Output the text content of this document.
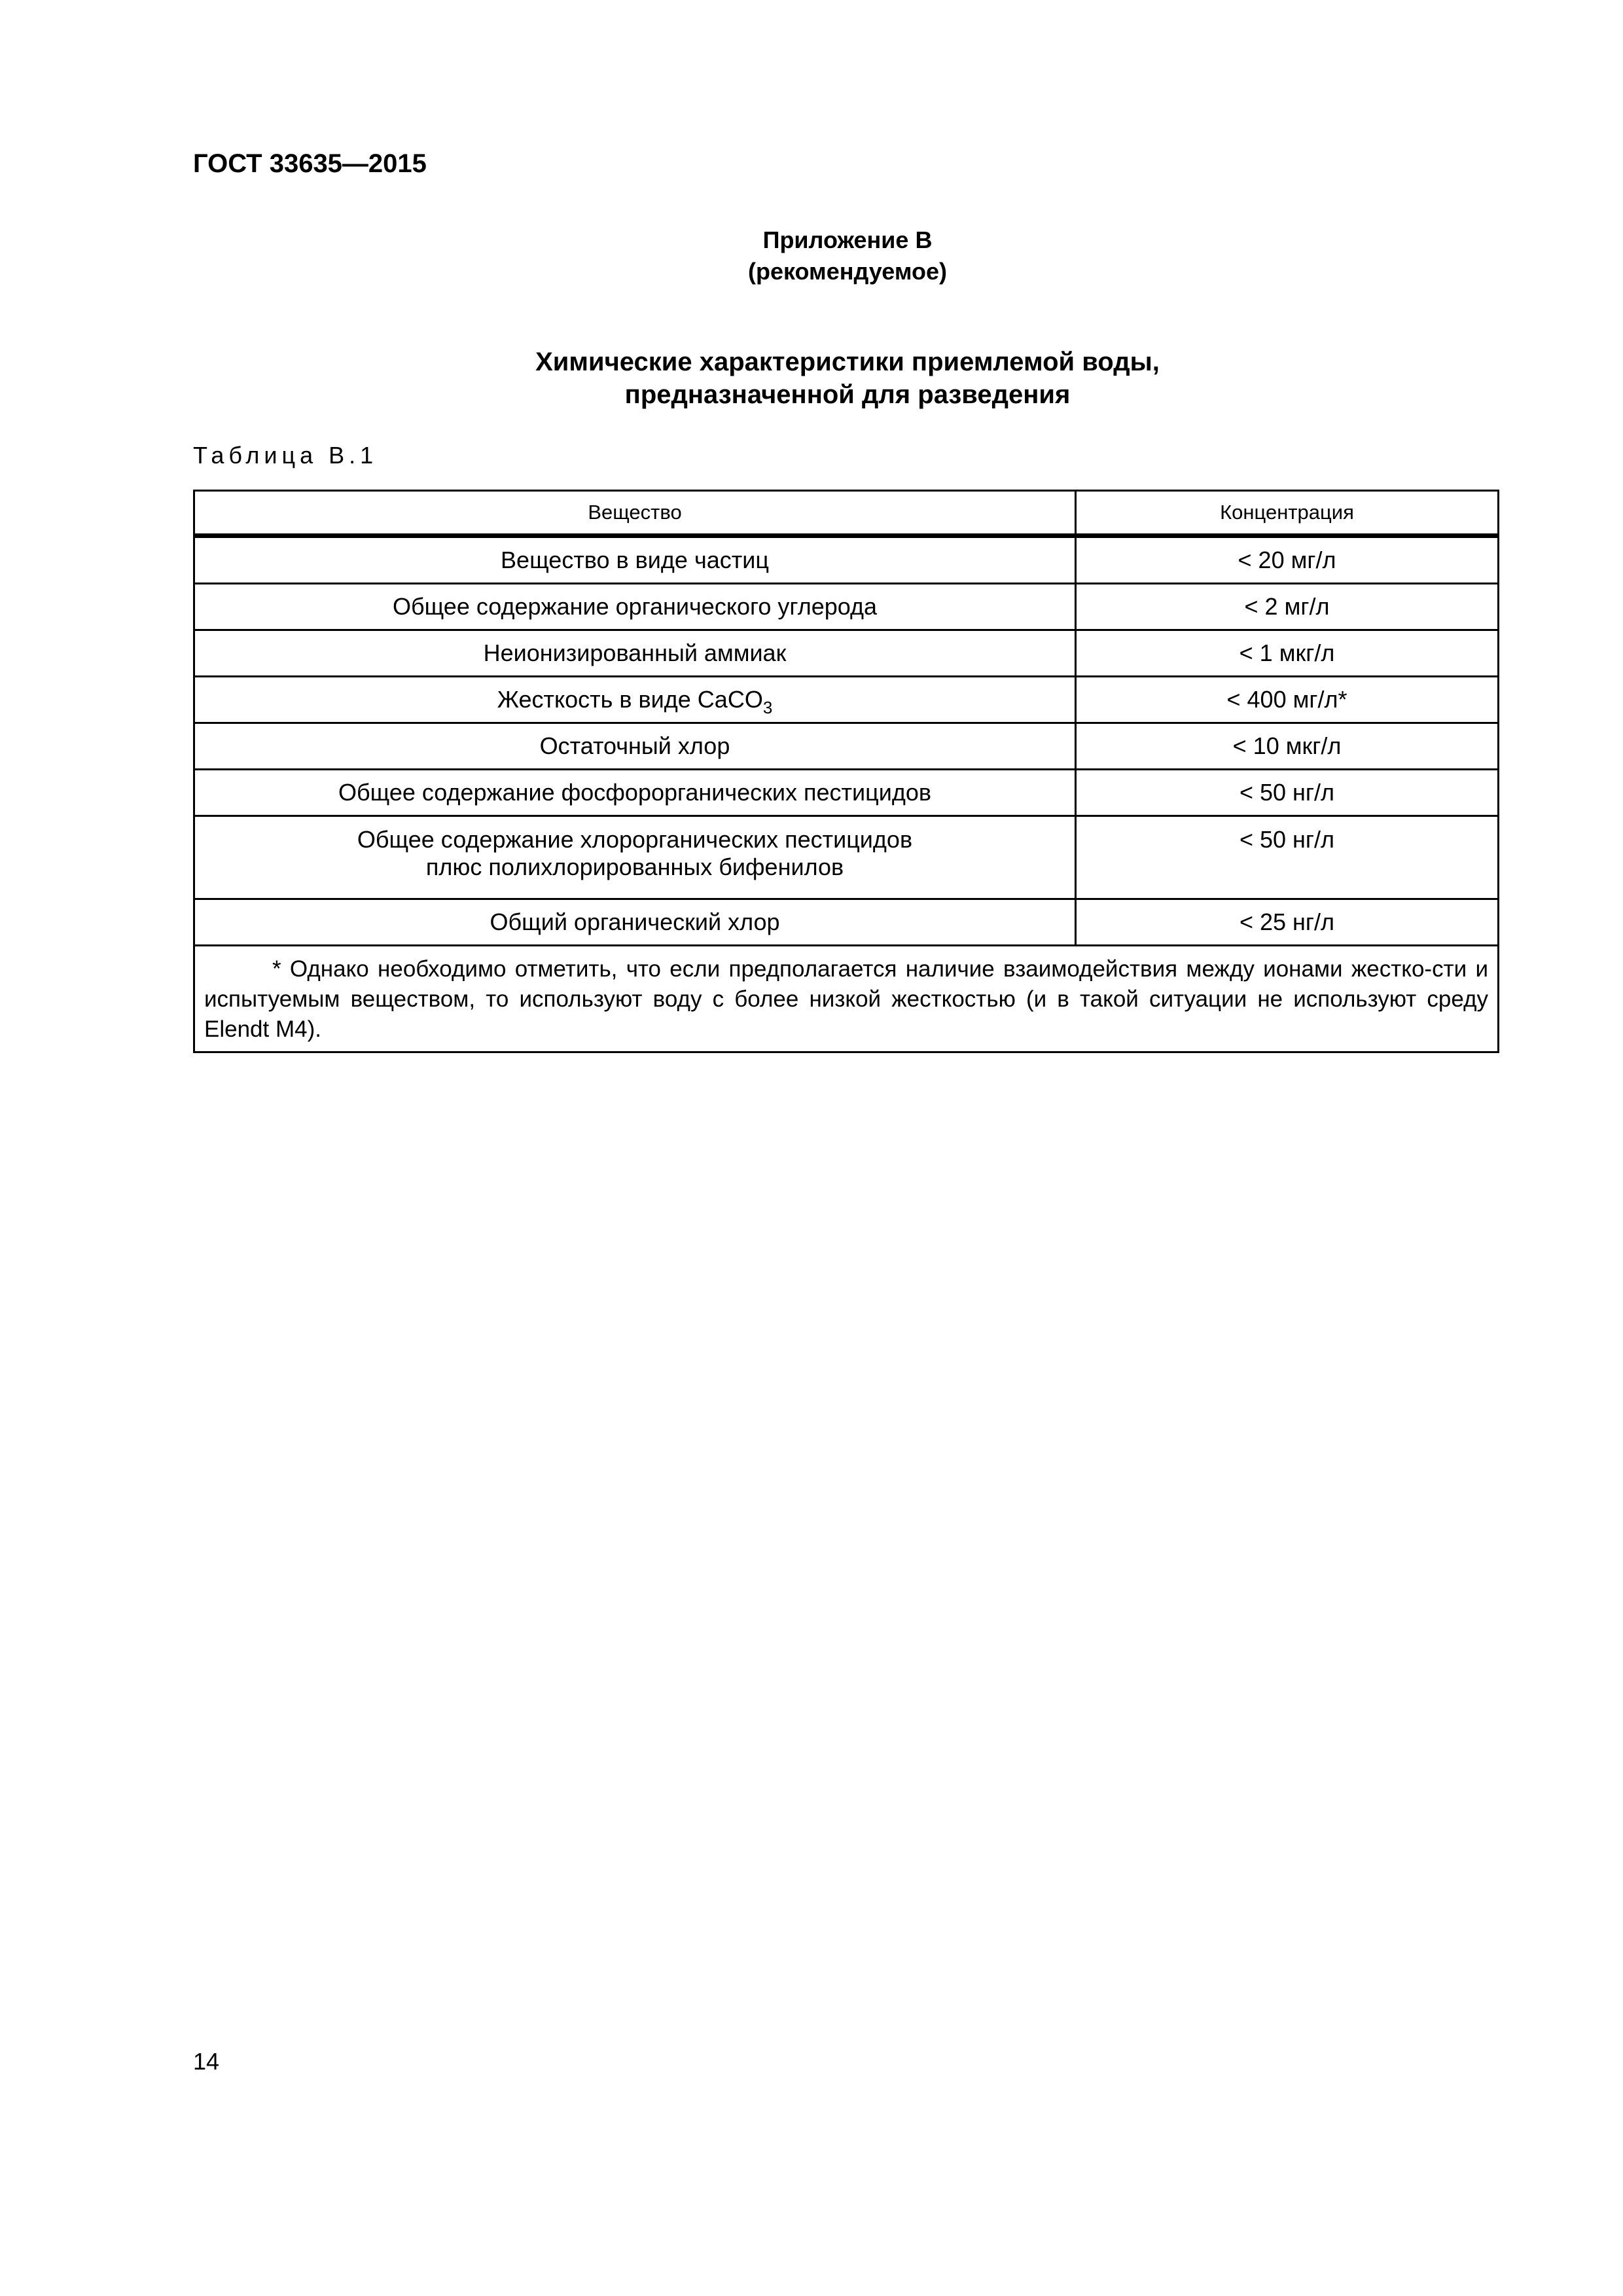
ГОСТ 33635—2015
Приложение В
(рекомендуемое)
Химические характеристики приемлемой воды,
предназначенной для разведения
Таблица В.1
Вещество	Концентрация
Вещество в виде частиц	< 20 мг/л
Общее содержание органического углерода	< 2 мг/л
Неионизированный аммиак	< 1 мкг/л
Жесткость в виде CaCO$_3$	< 400 мг/л*
Остаточный хлор	< 10 мкг/л
Общее содержание фосфорорганических пестицидов	< 50 нг/л

Общее содержание хлорорганических пестицидов
плюс полихлорированных бифенилов	< 50 нг/л
Общий органический хлор	< 25 нг/л
* Однако необходимо отметить, что если предполагается наличие взаимодействия между ионами жестко-сти и испытуемым веществом, то используют воду с более низкой жесткостью (и в такой ситуации не используют среду Elendt M4).	
14
